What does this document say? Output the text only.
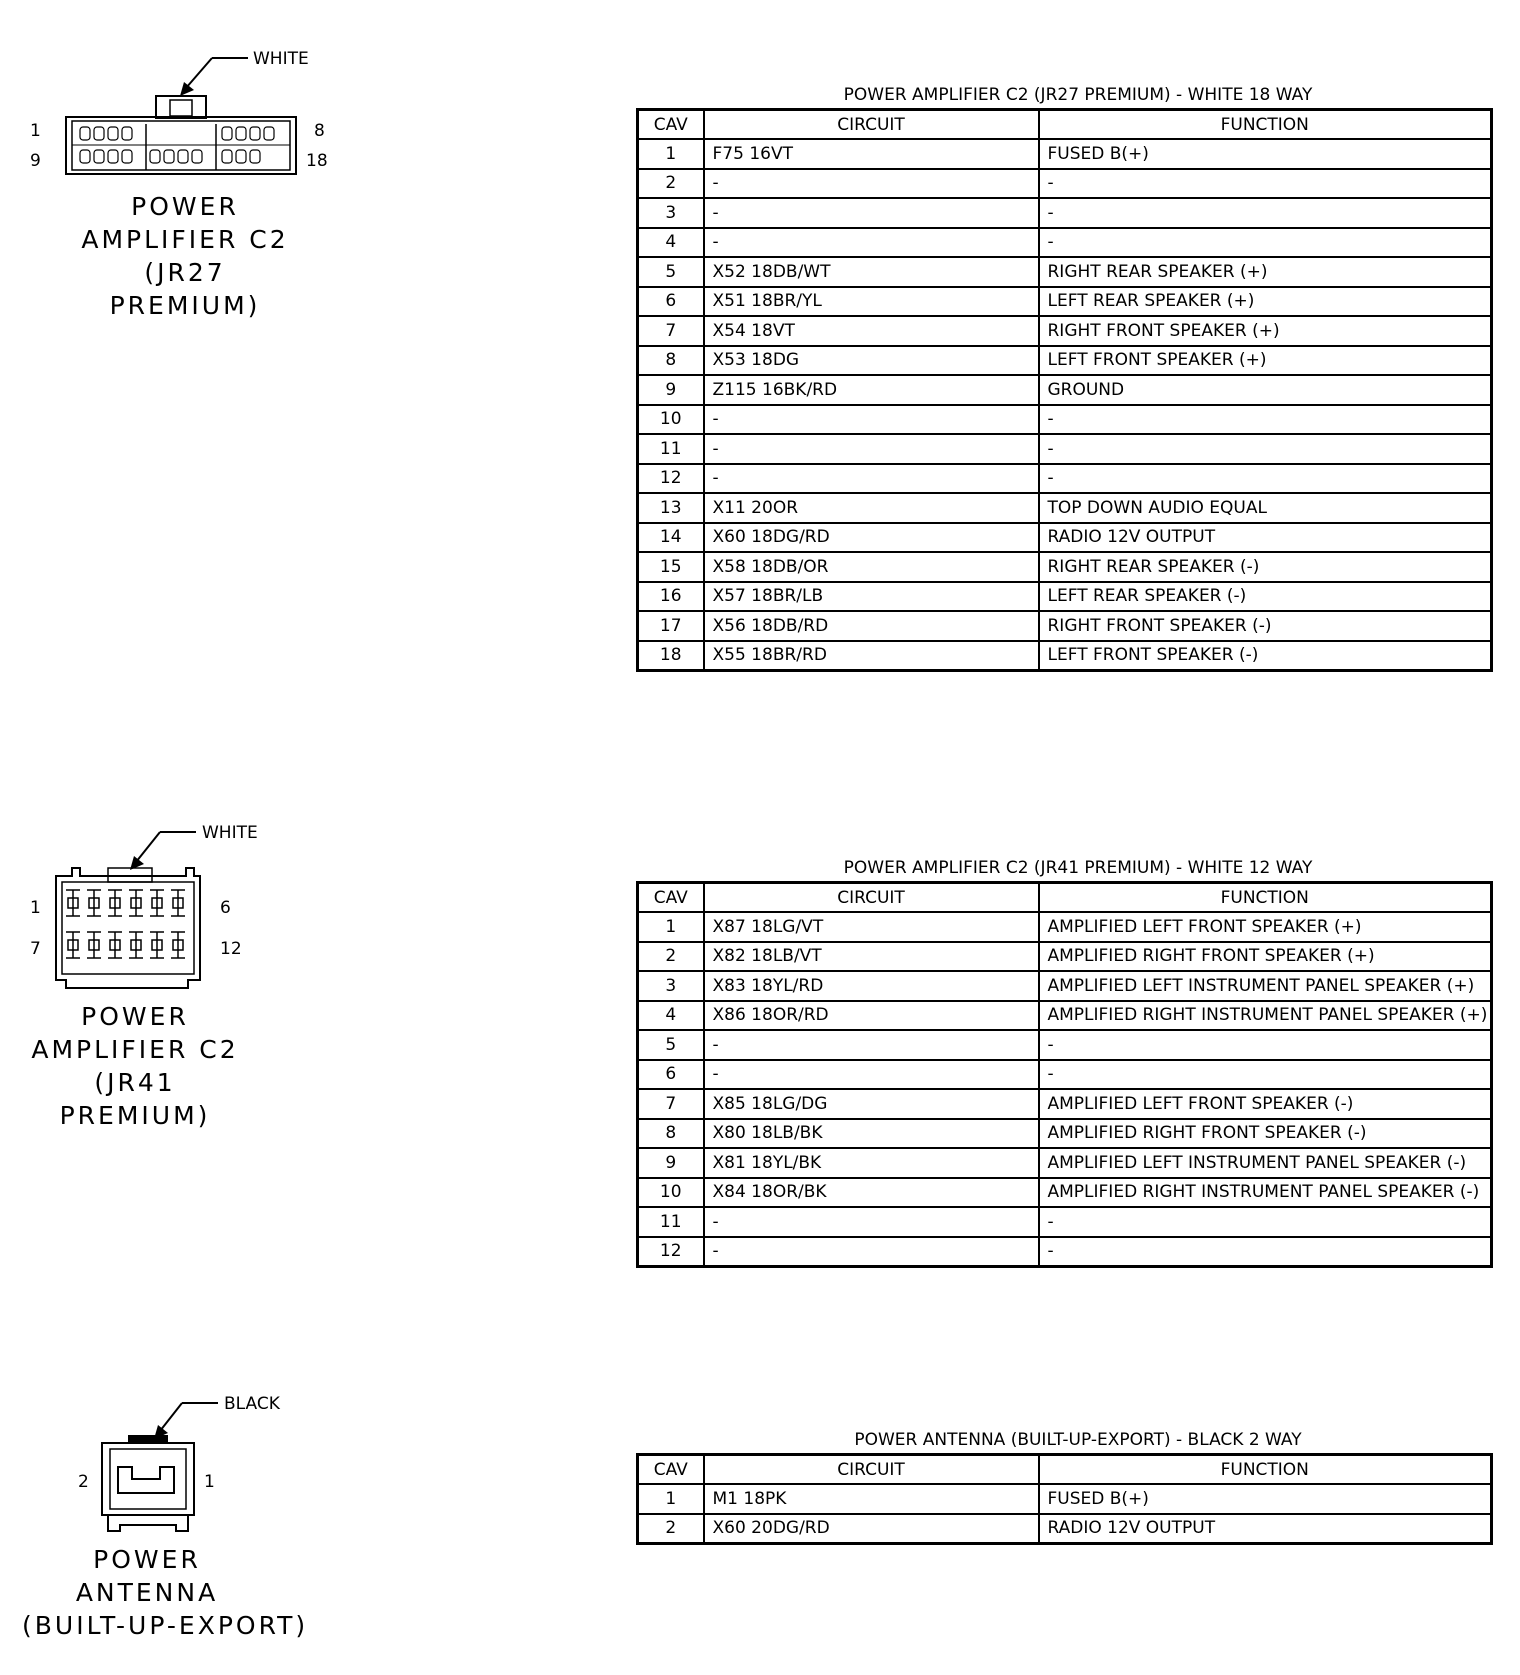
WHITE
1
9
8
18
POWER
AMPLIFIER C2
(JR27
PREMIUM)
WHITE
1
7
6
12
POWER
AMPLIFIER C2
(JR41
PREMIUM)
BLACK
2	1
POWER
ANTENNA
(BUILT-UP-EXPORT)
POWER AMPLIFIER C2 (JR27 PREMIUM) - WHITE 18 WAY
CAV	CIRCUIT	FUNCTION
1	F75 16VT	FUSED B(+)
2	-	-
3	-	-
4	-	-
5	X52 18DB/WT	RIGHT REAR SPEAKER (+)
6	X51 18BR/YL	LEFT REAR SPEAKER (+)
7	X54 18VT	RIGHT FRONT SPEAKER (+)
8	X53 18DG	LEFT FRONT SPEAKER (+)
9	Z115 16BK/RD	GROUND
10	-	-
11	-	-
12	-	-
13	X11 20OR	TOP DOWN AUDIO EQUAL
14	X60 18DG/RD	RADIO 12V OUTPUT
15	X58 18DB/OR	RIGHT REAR SPEAKER (-)
16	X57 18BR/LB	LEFT REAR SPEAKER (-)
17	X56 18DB/RD	RIGHT FRONT SPEAKER (-)
18	X55 18BR/RD	LEFT FRONT SPEAKER (-)
POWER AMPLIFIER C2 (JR41 PREMIUM) - WHITE 12 WAY
CAV	CIRCUIT	FUNCTION
1	X87 18LG/VT	AMPLIFIED LEFT FRONT SPEAKER (+)
2	X82 18LB/VT	AMPLIFIED RIGHT FRONT SPEAKER (+)
3	X83 18YL/RD	AMPLIFIED LEFT INSTRUMENT PANEL SPEAKER (+)
4	X86 18OR/RD	AMPLIFIED RIGHT INSTRUMENT PANEL SPEAKER (+)
5	-	-
6	-	-
7	X85 18LG/DG	AMPLIFIED LEFT FRONT SPEAKER (-)
8	X80 18LB/BK	AMPLIFIED RIGHT FRONT SPEAKER (-)
9	X81 18YL/BK	AMPLIFIED LEFT INSTRUMENT PANEL SPEAKER (-)
10	X84 18OR/BK	AMPLIFIED RIGHT INSTRUMENT PANEL SPEAKER (-)
11	-	-
12	-	-
POWER ANTENNA (BUILT-UP-EXPORT) - BLACK 2 WAY
CAV	CIRCUIT	FUNCTION
1	M1 18PK	FUSED B(+)
2	X60 20DG/RD	RADIO 12V OUTPUT
